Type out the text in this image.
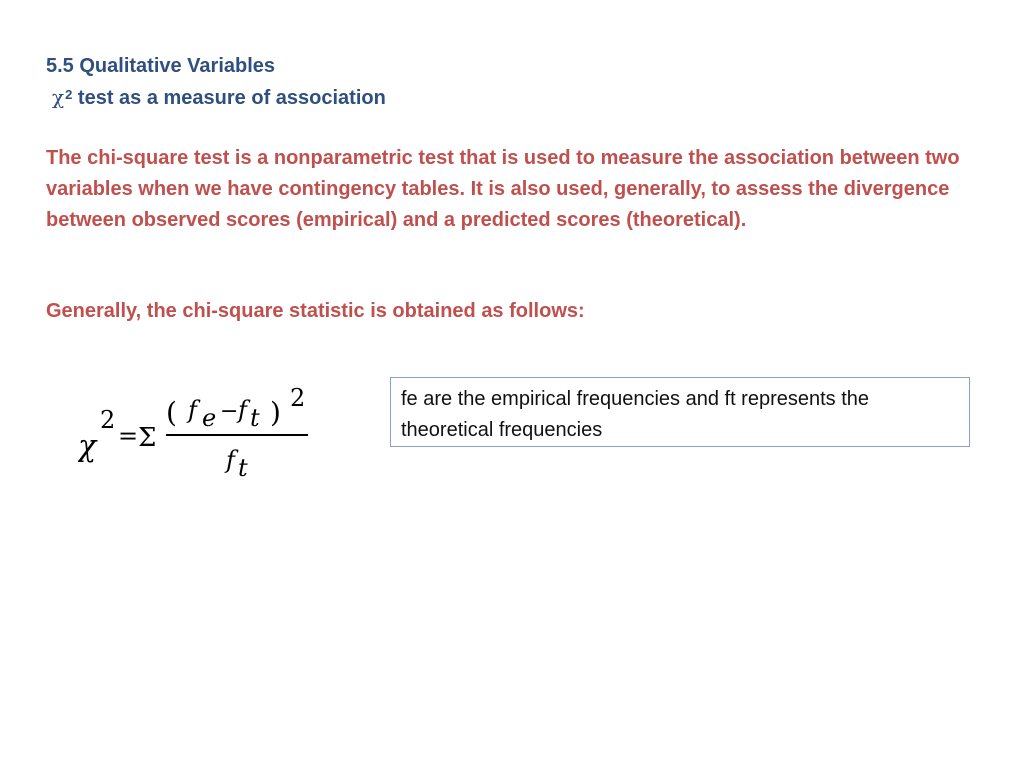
5.5 Qualitative Variables
$\chi^2$ test as a measure of association
The chi-square test is a nonparametric test that is used to measure the association between two variables when we have contingency tables. It is also used, generally, to assess the divergence between observed scores (empirical) and a predicted scores (theoretical).
Generally, the chi-square statistic is obtained as follows:
χ
2
= Σ
( f e − f t ) 2
f t
fe are the empirical frequencies and ft represents the theoretical frequencies
